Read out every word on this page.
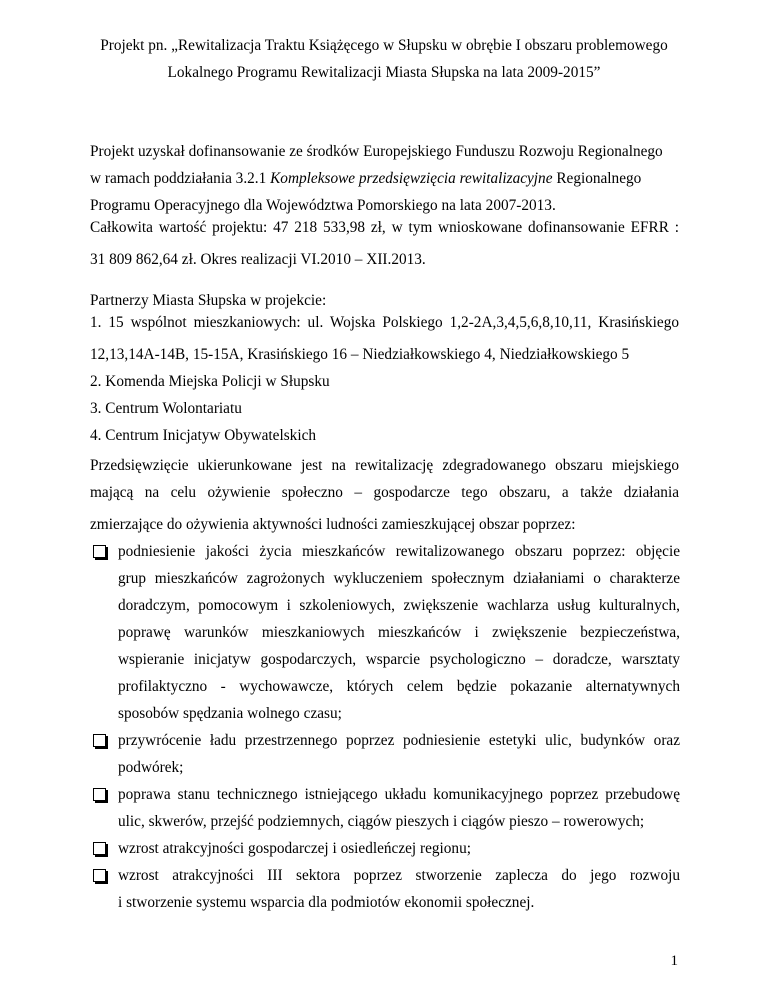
Projekt pn. „Rewitalizacja Traktu Książęcego w Słupsku w obrębie I obszaru problemowego
Lokalnego Programu Rewitalizacji Miasta Słupska na lata 2009-2015”
Projekt uzyskał dofinansowanie ze środków Europejskiego Funduszu Rozwoju Regionalnego
w ramach poddziałania 3.2.1 Kompleksowe przedsięwzięcia rewitalizacyjne Regionalnego
Programu Operacyjnego dla Województwa Pomorskiego na lata 2007-2013.
Całkowita wartość projektu: 47 218 533,98 zł, w tym wnioskowane dofinansowanie EFRR :
31 809 862,64 zł. Okres realizacji VI.2010 – XII.2013.
Partnerzy Miasta Słupska w projekcie:
1. 15 wspólnot mieszkaniowych: ul. Wojska Polskiego 1,2-2A,3,4,5,6,8,10,11, Krasińskiego
12,13,14A-14B, 15-15A, Krasińskiego 16 – Niedziałkowskiego 4, Niedziałkowskiego 5
2. Komenda Miejska Policji w Słupsku
3. Centrum Wolontariatu
4. Centrum Inicjatyw Obywatelskich
Przedsięwzięcie ukierunkowane jest na rewitalizację zdegradowanego obszaru miejskiego
mającą na celu ożywienie społeczno – gospodarcze tego obszaru, a także działania
zmierzające do ożywienia aktywności ludności zamieszkującej obszar poprzez:
podniesienie jakości życia mieszkańców rewitalizowanego obszaru poprzez: objęcie
grup mieszkańców zagrożonych wykluczeniem społecznym działaniami o charakterze
doradczym, pomocowym i szkoleniowych, zwiększenie wachlarza usług kulturalnych,
poprawę warunków mieszkaniowych mieszkańców i zwiększenie bezpieczeństwa,
wspieranie inicjatyw gospodarczych, wsparcie psychologiczno – doradcze, warsztaty
profilaktyczno - wychowawcze, których celem będzie pokazanie alternatywnych
sposobów spędzania wolnego czasu;
przywrócenie ładu przestrzennego poprzez podniesienie estetyki ulic, budynków oraz
podwórek;
poprawa stanu technicznego istniejącego układu komunikacyjnego poprzez przebudowę
ulic, skwerów, przejść podziemnych, ciągów pieszych i ciągów pieszo – rowerowych;
wzrost atrakcyjności gospodarczej i osiedleńczej regionu;
wzrost atrakcyjności III sektora poprzez stworzenie zaplecza do jego rozwoju
i stworzenie systemu wsparcia dla podmiotów ekonomii społecznej.
1
